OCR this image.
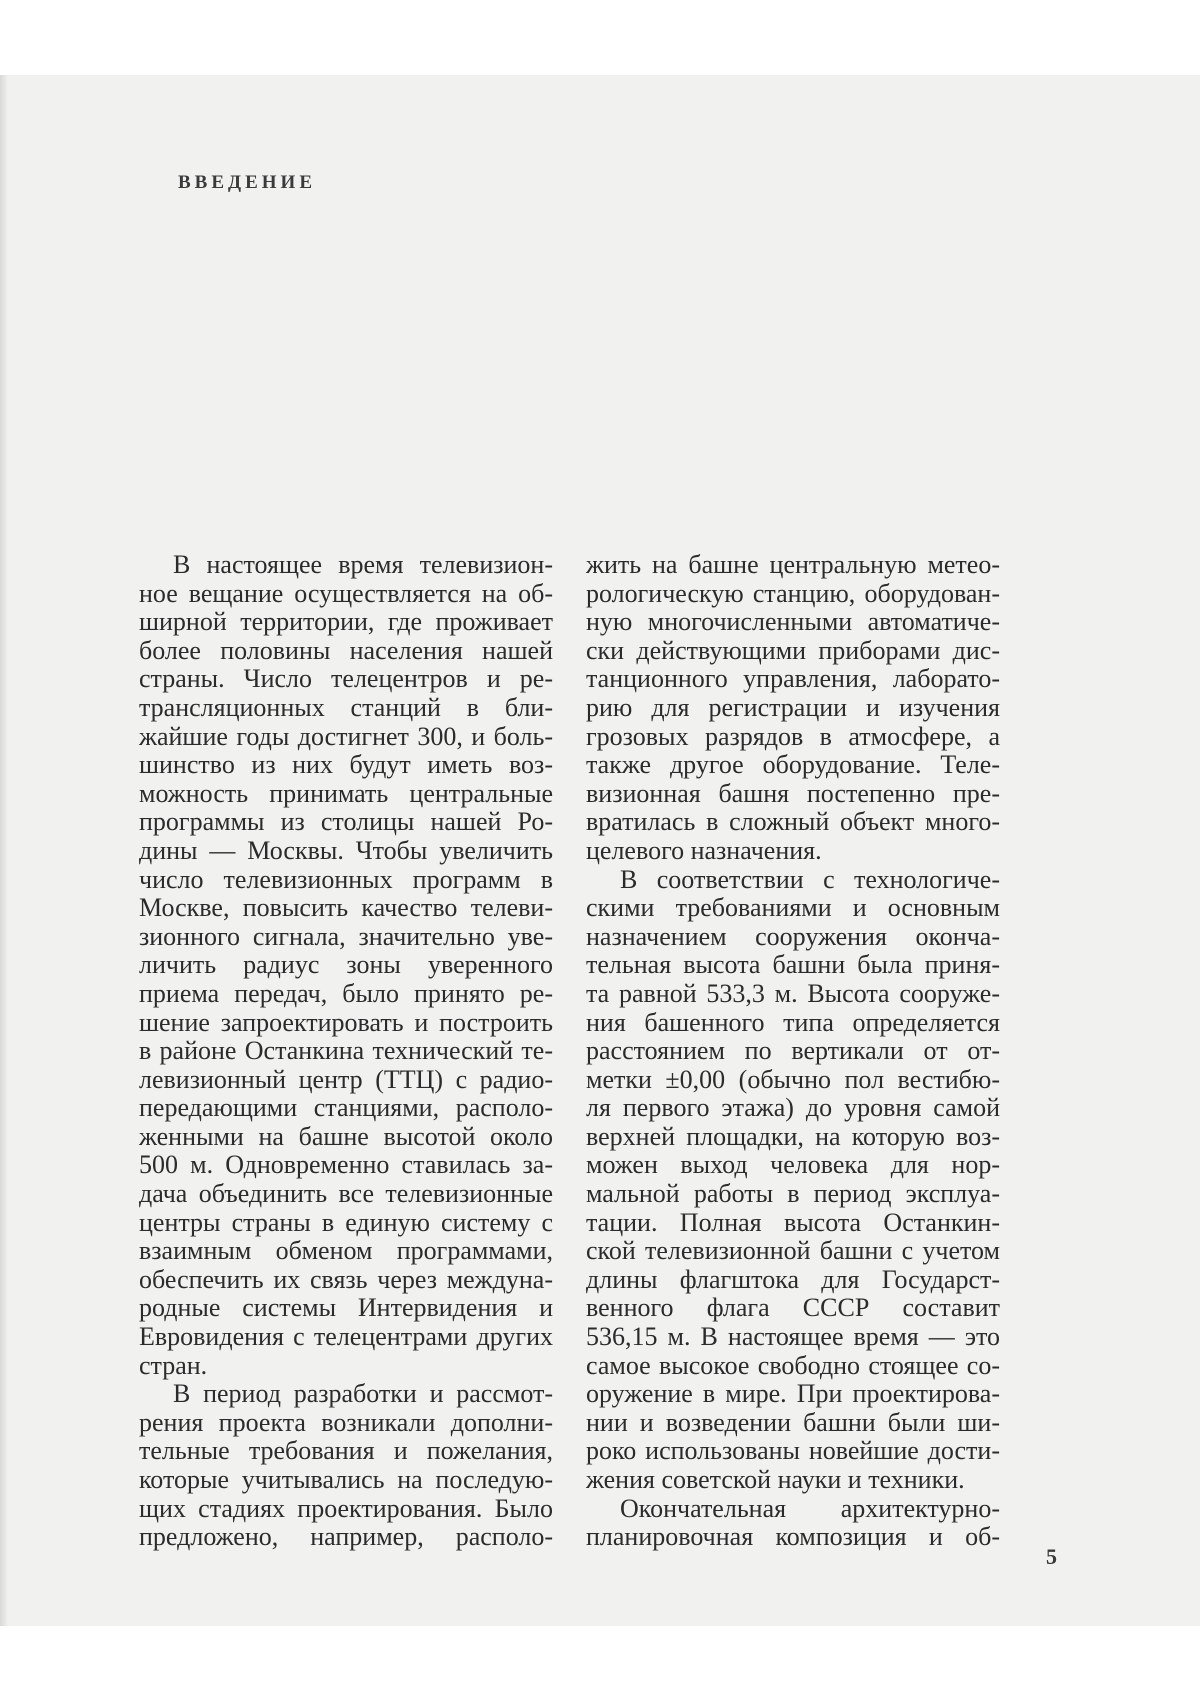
ВВЕДЕНИЕ
В настоящее время телевизион-
ное вещание осуществляется на об-
ширной территории, где проживает
более половины населения нашей
страны. Число телецентров и ре-
трансляционных станций в бли-
жайшие годы достигнет 300, и боль-
шинство из них будут иметь воз-
можность принимать центральные
программы из столицы нашей Ро-
дины — Москвы. Чтобы увеличить
число телевизионных программ в
Москве, повысить качество телеви-
зионного сигнала, значительно уве-
личить радиус зоны уверенного
приема передач, было принято ре-
шение запроектировать и построить
в районе Останкина технический те-
левизионный центр (ТТЦ) с радио-
передающими станциями, располо-
женными на башне высотой около
500 м. Одновременно ставилась за-
дача объединить все телевизионные
центры страны в единую систему с
взаимным обменом программами,
обеспечить их связь через междуна-
родные системы Интервидения и
Евровидения с телецентрами других
стран.
В период разработки и рассмот-
рения проекта возникали дополни-
тельные требования и пожелания,
которые учитывались на последую-
щих стадиях проектирования. Было
предложено, например, располо-
жить на башне центральную метео-
рологическую станцию, оборудован-
ную многочисленными автоматиче-
ски действующими приборами дис-
танционного управления, лаборато-
рию для регистрации и изучения
грозовых разрядов в атмосфере, а
также другое оборудование. Теле-
визионная башня постепенно пре-
вратилась в сложный объект много-
целевого назначения.
В соответствии с технологиче-
скими требованиями и основным
назначением сооружения оконча-
тельная высота башни была приня-
та равной 533,3 м. Высота сооруже-
ния башенного типа определяется
расстоянием по вертикали от от-
метки ±0,00 (обычно пол вестибю-
ля первого этажа) до уровня самой
верхней площадки, на которую воз-
можен выход человека для нор-
мальной работы в период эксплуа-
тации. Полная высота Останкин-
ской телевизионной башни с учетом
длины флагштока для Государст-
венного флага СССР составит
536,15 м. В настоящее время — это
самое высокое свободно стоящее со-
оружение в мире. При проектирова-
нии и возведении башни были ши-
роко использованы новейшие дости-
жения советской науки и техники.
Окончательная архитектурно-
планировочная композиция и об-
5
